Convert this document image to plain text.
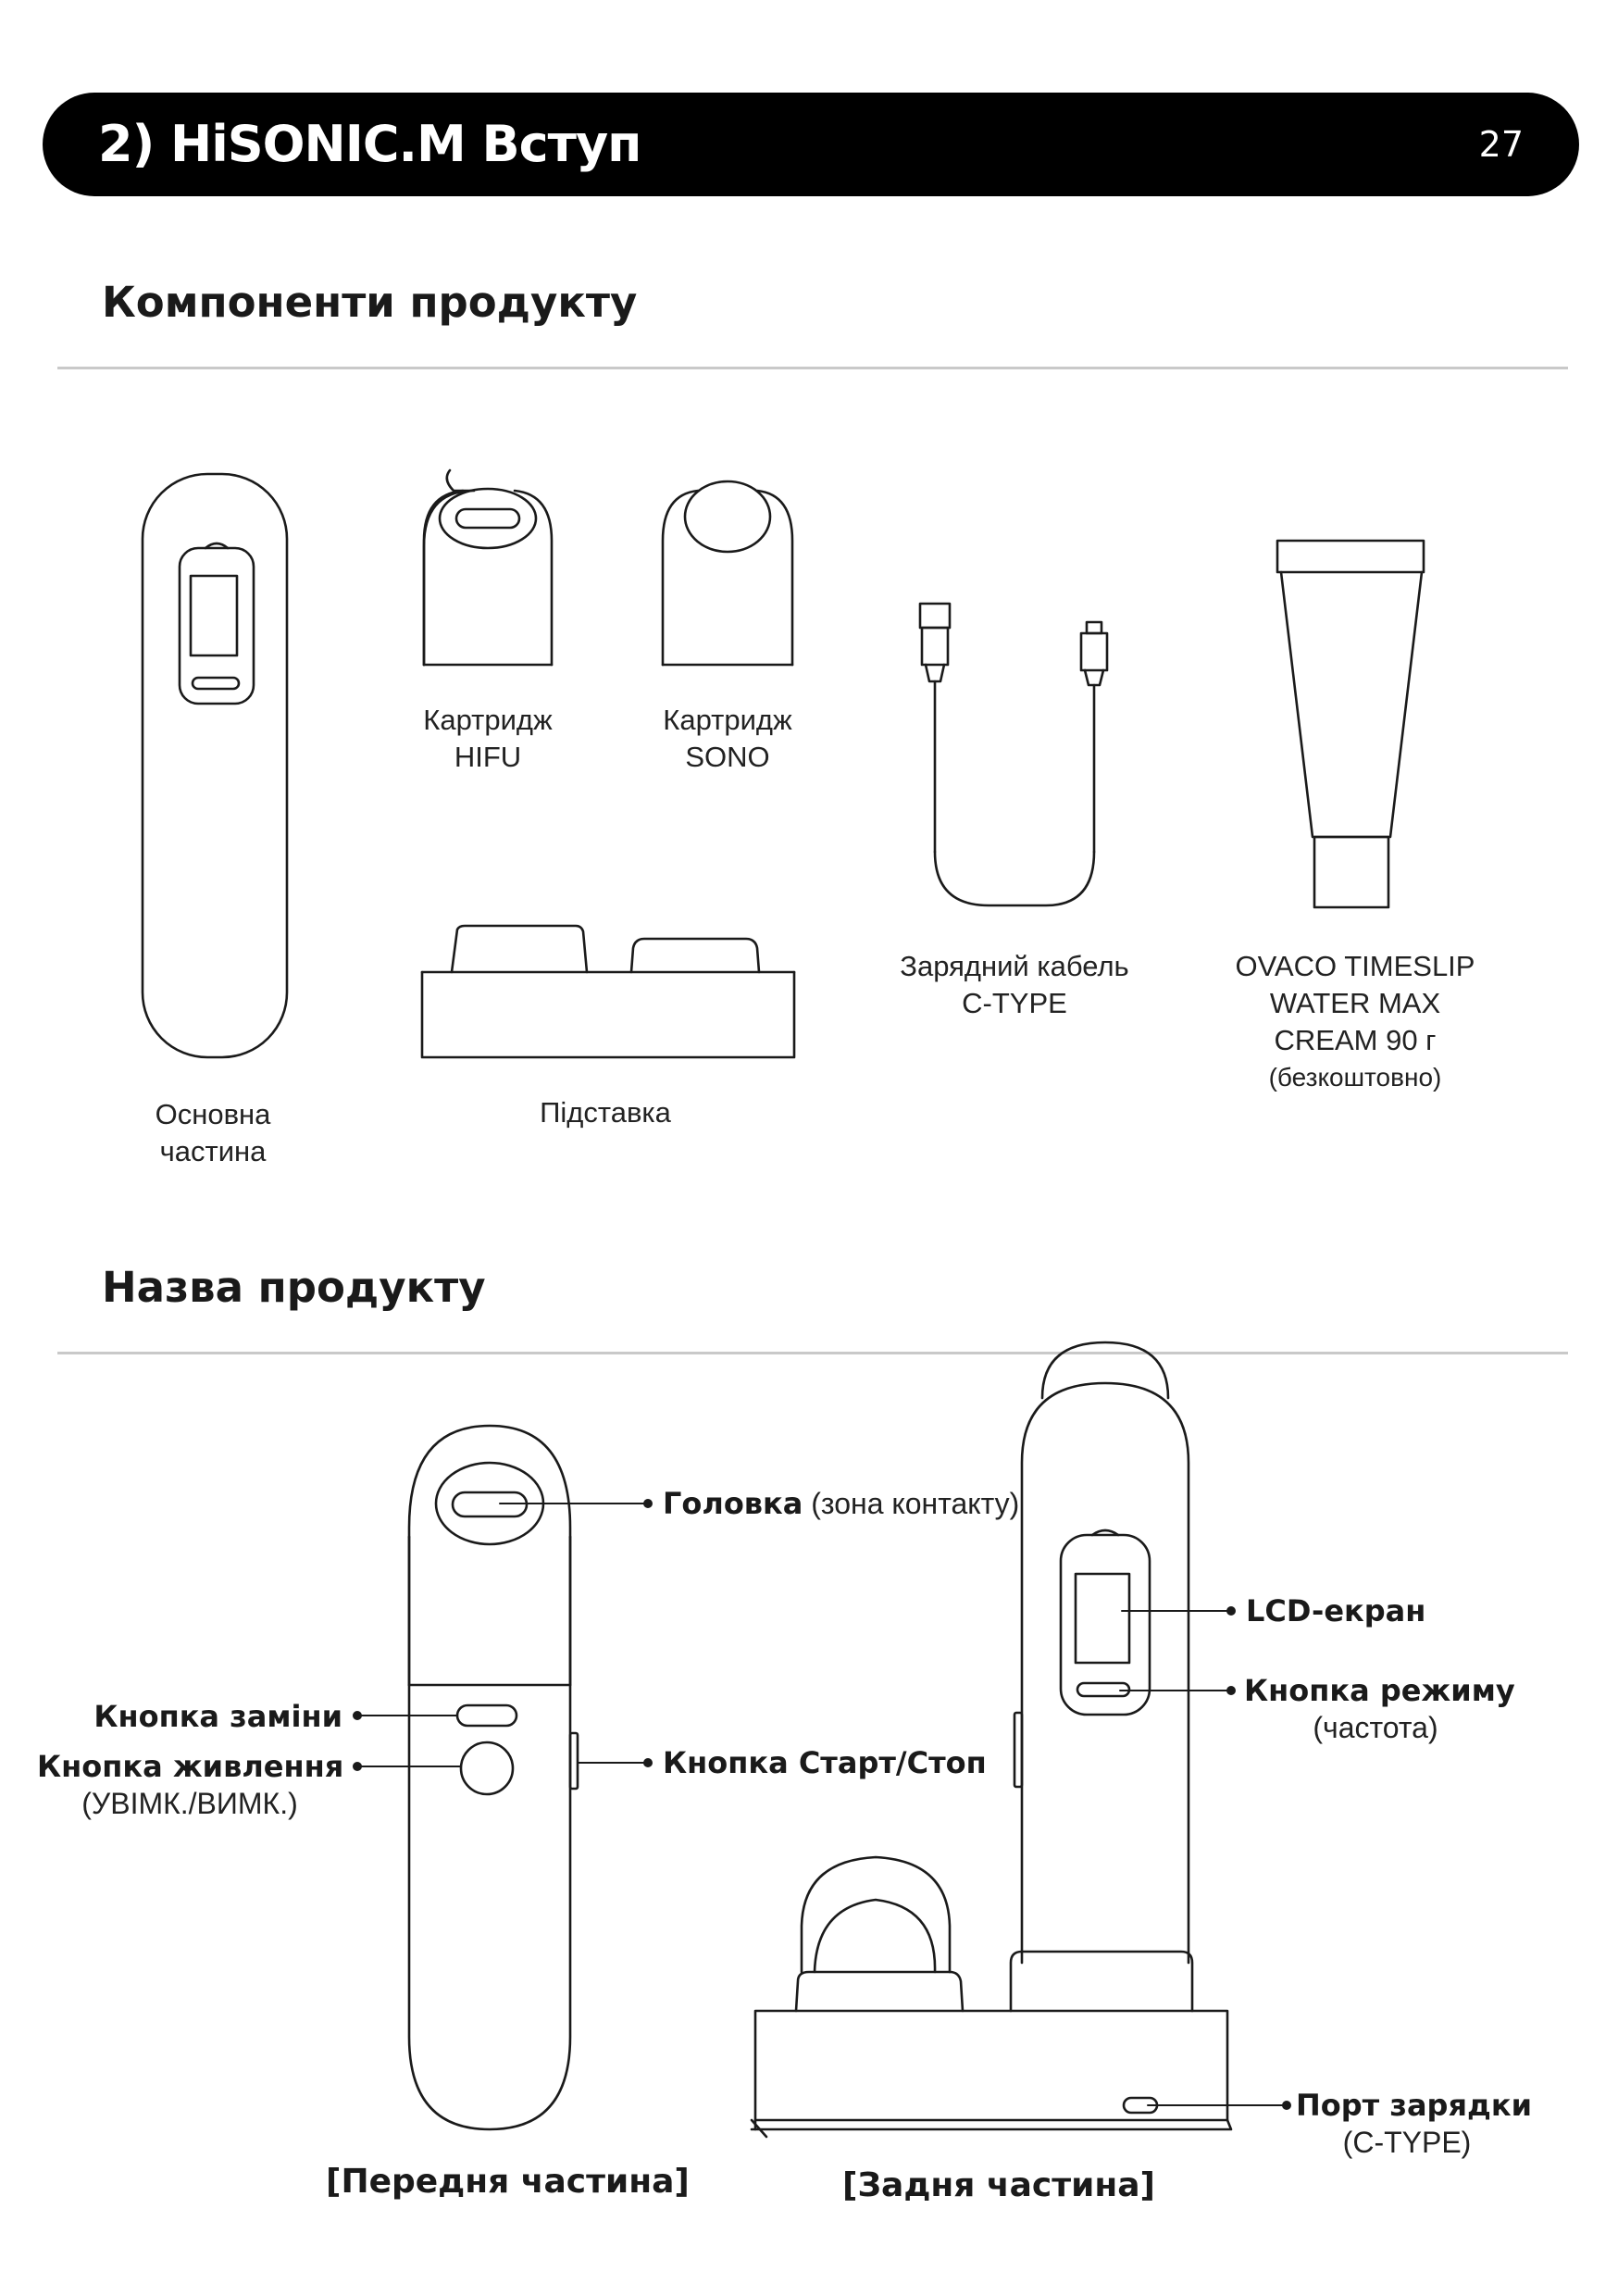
2) HiSONIC.M Вступ	27
Компоненти продукту
Назва продукту
Основна
частина
Картридж
HIFU
Картридж
SONO
Підставка
Зарядний кабель
C-TYPE
OVACO TIMESLIP
WATER MAX
CREAM 90 г
(безкоштовно)
Головка (зона контакту)
Кнопка заміни
Кнопка живлення
(УВІМК./ВИМК.)
Кнопка Старт/Стоп
LCD-екран
Кнопка режиму
(частота)
Порт зарядки
(C-TYPE)
[Передня частина]	[Задня частина]
